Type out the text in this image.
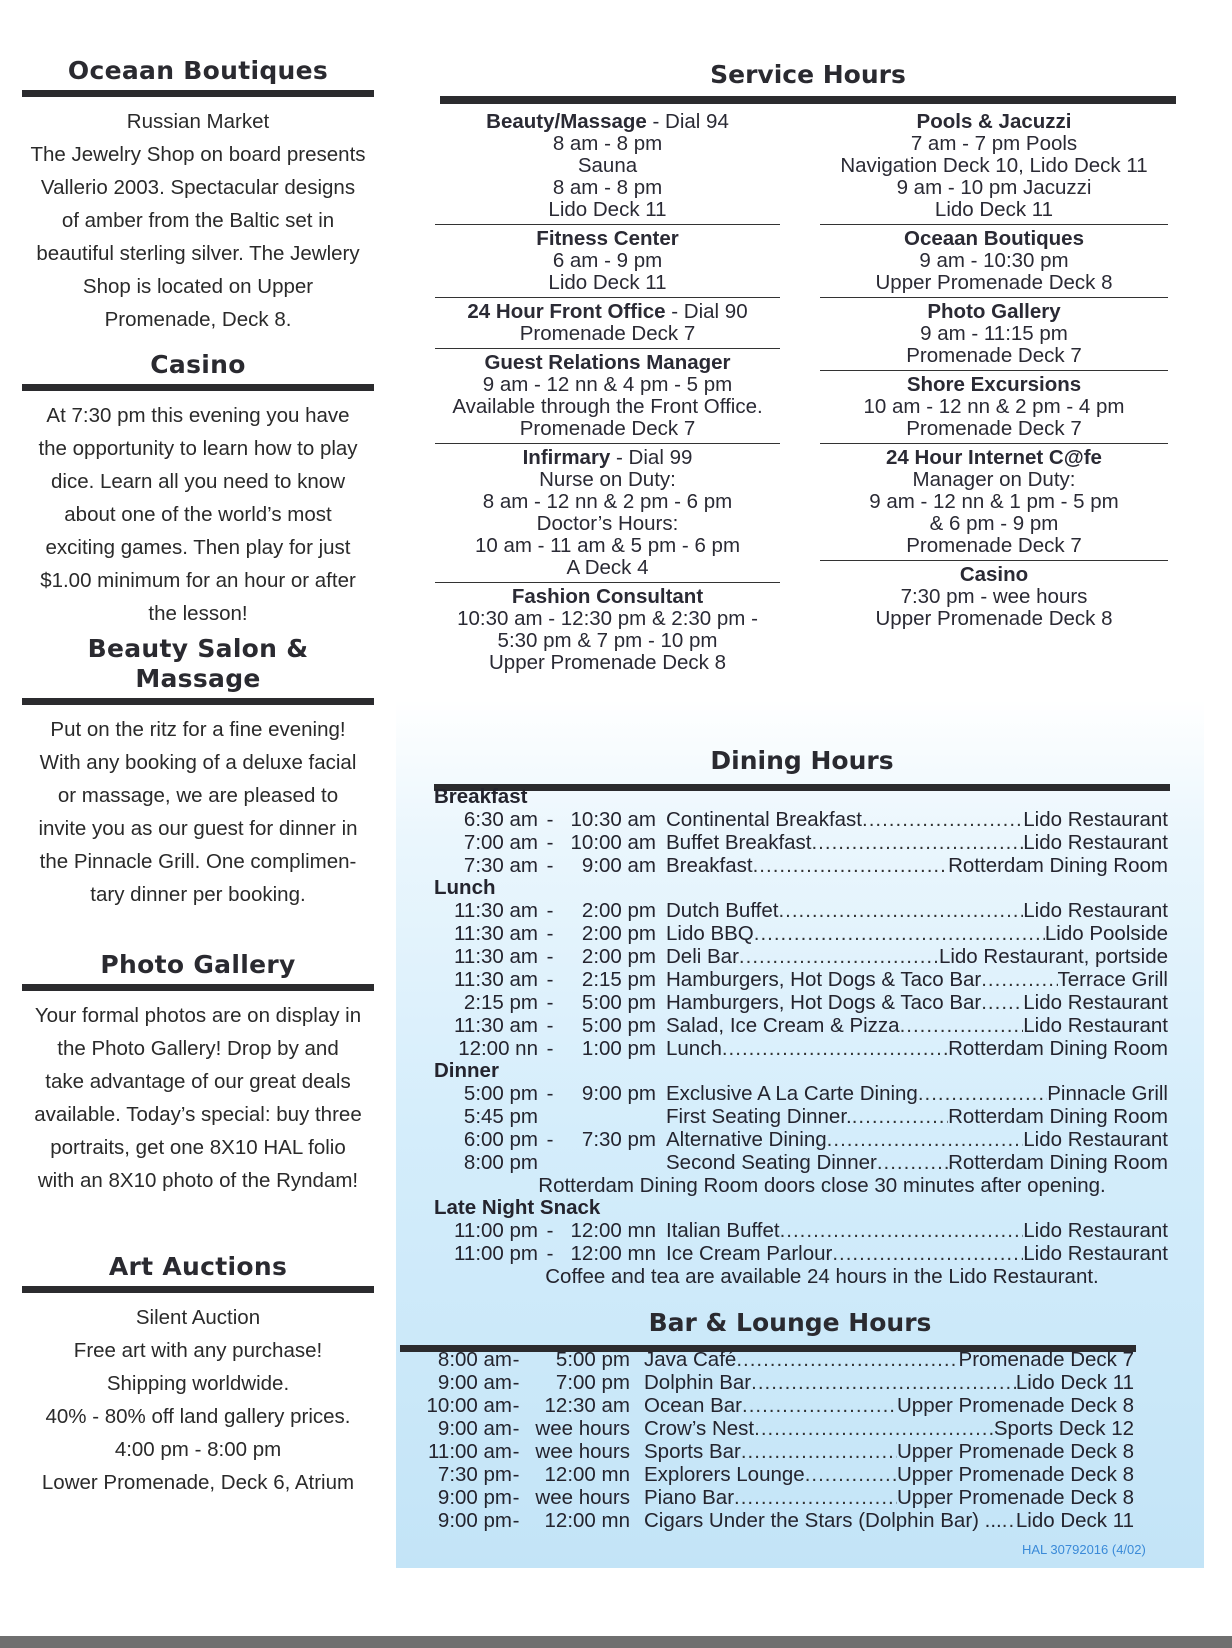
Oceaan Boutiques

Russian Market

The Jewelry Shop on board presents

Vallerio 2003. Spectacular designs

of amber from the Baltic set in

beautiful sterling silver. The Jewlery

Shop is located on Upper

Promenade, Deck 8.

Casino

At 7:30 pm this evening you have

the opportunity to learn how to play

dice. Learn all you need to know

about one of the world’s most

exciting games. Then play for just

$1.00 minimum for an hour or after

the lesson!

Beauty Salon & Massage

Put on the ritz for a fine evening!

With any booking of a deluxe facial

or massage, we are pleased to

invite you as our guest for dinner in

the Pinnacle Grill. One complimen-

tary dinner per booking.

Photo Gallery

Your formal photos are on display in

the Photo Gallery! Drop by and

take advantage of our great deals

available. Today’s special: buy three

portraits, get one 8X10 HAL folio

with an 8X10 photo of the Ryndam!

Art Auctions

Silent Auction

Free art with any purchase!

Shipping worldwide.

40% - 80% off land gallery prices.

4:00 pm - 8:00 pm

Lower Promenade, Deck 6, Atrium

Service Hours
Beauty/Massage - Dial 94
8 am - 8 pm
Sauna
8 am - 8 pm
Lido Deck 11
Fitness Center
6 am - 9 pm
Lido Deck 11
24 Hour Front Office - Dial 90
Promenade Deck 7
Guest Relations Manager
9 am - 12 nn & 4 pm - 5 pm
Available through the Front Office.
Promenade Deck 7
Infirmary - Dial 99
Nurse on Duty:
8 am - 12 nn & 2 pm - 6 pm
Doctor’s Hours:
10 am - 11 am & 5 pm - 6 pm
A Deck 4
Fashion Consultant
10:30 am - 12:30 pm & 2:30 pm -
5:30 pm & 7 pm - 10 pm
Upper Promenade Deck 8
Pools & Jacuzzi
7 am - 7 pm Pools
Navigation Deck 10, Lido Deck 11
9 am - 10 pm Jacuzzi
Lido Deck 11
Oceaan Boutiques
9 am - 10:30 pm
Upper Promenade Deck 8
Photo Gallery
9 am - 11:15 pm
Promenade Deck 7
Shore Excursions
10 am - 12 nn & 2 pm - 4 pm
Promenade Deck 7
24 Hour Internet C@fe
Manager on Duty:
9 am - 12 nn & 1 pm - 5 pm
& 6 pm - 9 pm
Promenade Deck 7
Casino
7:30 pm - wee hours
Upper Promenade Deck 8
Dining Hours
Breakfast
6:30 am - 10:30 am Continental Breakfast .....	Lido Restaurant
7:00 am - 10:00 am Buffet Breakfast .....	Lido Restaurant
7:30 am -	9:00 am Breakfast .....	Rotterdam Dining Room
Lunch
11:30 am -	2:00 pm Dutch Buffet .....	Lido Restaurant
11:30 am -	2:00 pm Lido BBQ .....	Lido Poolside
11:30 am -	2:00 pm Deli Bar .....	Lido Restaurant, portside
11:30 am -	2:15 pm Hamburgers, Hot Dogs & Taco Bar .....	Terrace Grill
2:15 pm -	5:00 pm Hamburgers, Hot Dogs & Taco Bar ..... Lido Restaurant
11:30 am -	5:00 pm Salad, Ice Cream & Pizza .....	Lido Restaurant
12:00 nn -	1:00 pm Lunch .....	Rotterdam Dining Room
Dinner
5:00 pm -	9:00 pm Exclusive A La Carte Dining .....	Pinnacle Grill
5:45 pm	First Seating Dinner. .....	Rotterdam Dining Room
6:00 pm -	7:30 pm Alternative Dining .....	Lido Restaurant
8:00 pm	Second Seating Dinner .....	Rotterdam Dining Room
Rotterdam Dining Room doors close 30 minutes after opening.
Late Night Snack
11:00 pm - 12:00 mn Italian Buffet .....	Lido Restaurant
11:00 pm - 12:00 mn Ice Cream Parlour .....	Lido Restaurant
Coffee and tea are available 24 hours in the Lido Restaurant.
Bar & Lounge Hours
8:00 am -	5:00 pm Java Café .....	Promenade Deck 7
9:00 am -	7:00 pm Dolphin Bar .....	Lido Deck 11
10:00 am -	12:30 am Ocean Bar .....	Upper Promenade Deck 8
9:00 am - wee hours Crow’s Nest .....	Sports Deck 12
11:00 am - wee hours Sports Bar .....	Upper Promenade Deck 8
7:30 pm -	12:00 mn Explorers Lounge .....	Upper Promenade Deck 8
9:00 pm - wee hours Piano Bar .....	Upper Promenade Deck 8
9:00 pm -	12:00 mn Cigars Under the Stars (Dolphin Bar) ... ..... Lido Deck 11
HAL 30792016 (4/02)
